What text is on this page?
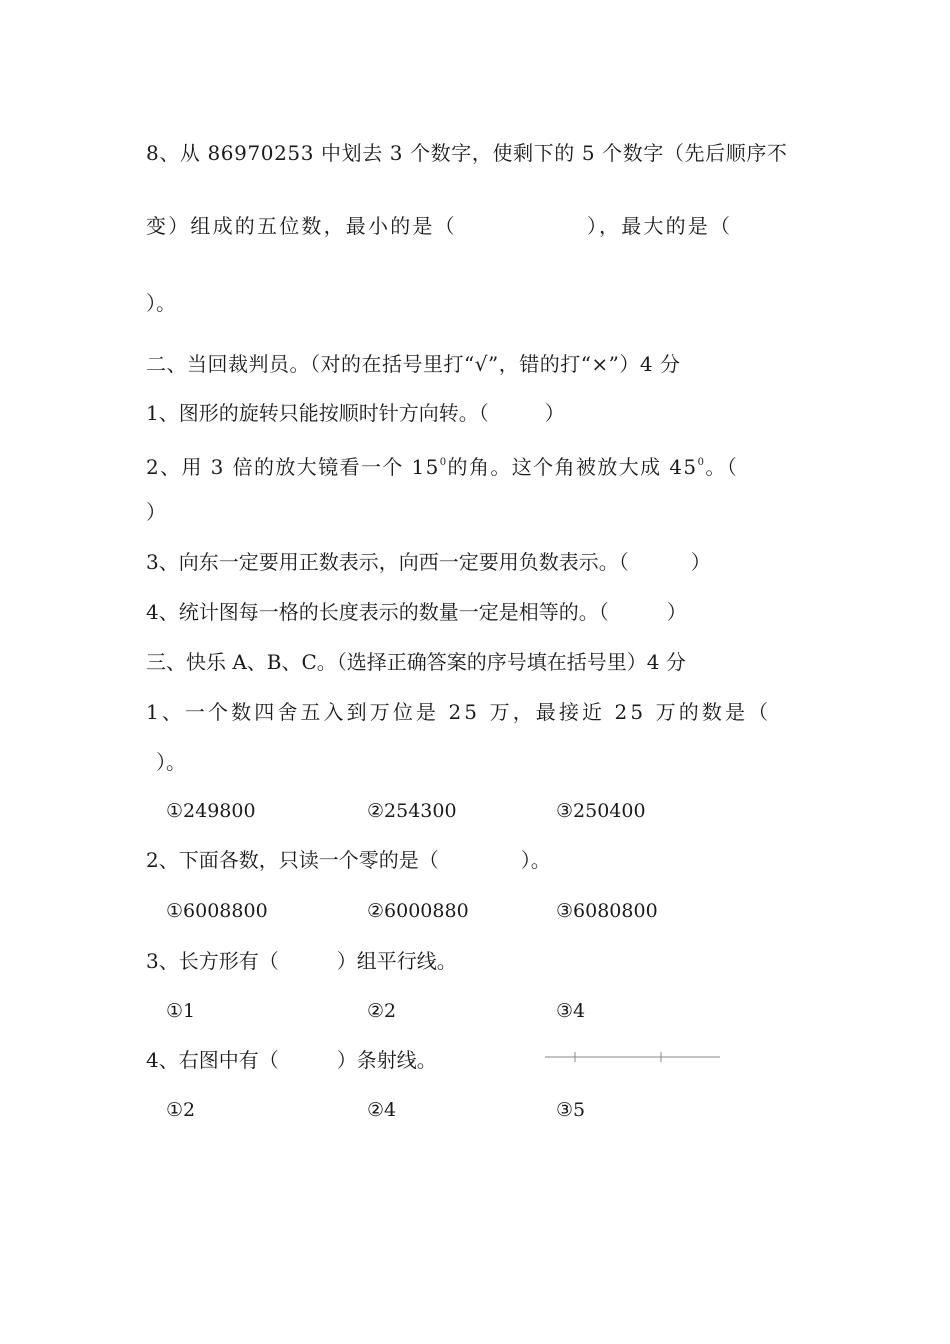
8、从 86970253 中划去 3 个数字，使剩下的 5 个数字（先后顺序不
变）组成的五位数，最小的是（	），最大的是（
）。
二、当回裁判员。（对的在括号里打“√”，错的打“×”）4 分
1、图形的旋转只能按顺时针方向转。（	）
2、用 3 倍的放大镜看一个 $15^0$的角。这个角被放大成 $45^0$。（
）
3、向东一定要用正数表示，向西一定要用负数表示。（	）
4、统计图每一格的长度表示的数量一定是相等的。（	）
三、快乐 A、B、C。（选择正确答案的序号填在括号里）4 分
1、一个数四舍五入到万位是 25 万，最接近 25 万的数是（
）。
①249800	②254300	③250400
2、下面各数，只读一个零的是（	）。
①6008800	②6000880	③6080800
3、长方形有（	）组平行线。
①1	②2	③4
4、右图中有（	）条射线。
①2	②4	③5
